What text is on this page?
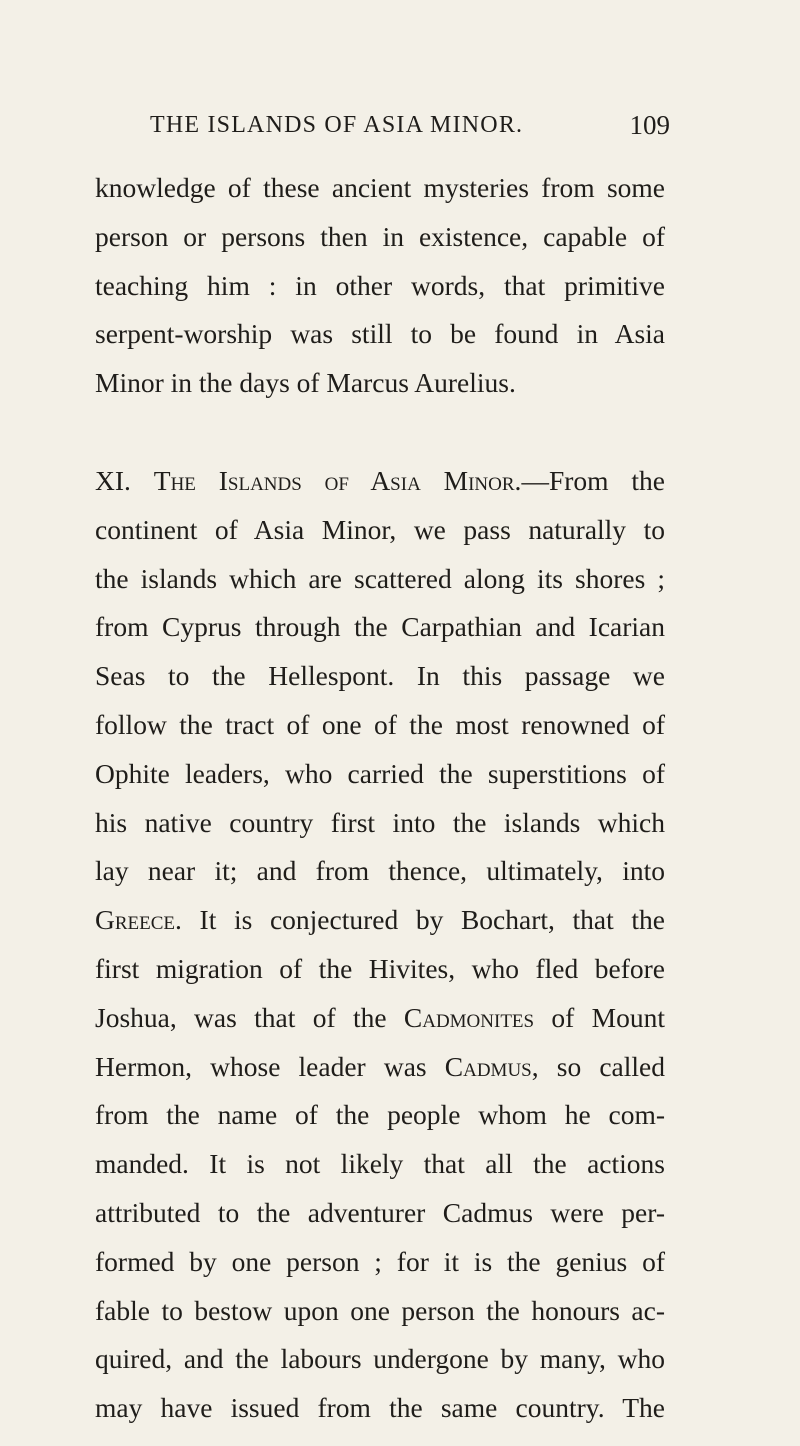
THE ISLANDS OF ASIA MINOR.	109
knowledge of these ancient mysteries from some
person or persons then in existence, capable of
teaching him : in other words, that primitive
serpent-worship was still to be found in Asia
Minor in the days of Marcus Aurelius.
XI. The Islands of Asia Minor.—From the
continent of Asia Minor, we pass naturally to
the islands which are scattered along its shores ;
from Cyprus through the Carpathian and Icarian
Seas to the Hellespont. In this passage we
follow the tract of one of the most renowned of
Ophite leaders, who carried the superstitions of
his native country first into the islands which
lay near it; and from thence, ultimately, into
Greece. It is conjectured by Bochart, that the
first migration of the Hivites, who fled before
Joshua, was that of the Cadmonites of Mount
Hermon, whose leader was Cadmus, so called
from the name of the people whom he com-
manded. It is not likely that all the actions
attributed to the adventurer Cadmus were per-
formed by one person ; for it is the genius of
fable to bestow upon one person the honours ac-
quired, and the labours undergone by many, who
may have issued from the same country. The
